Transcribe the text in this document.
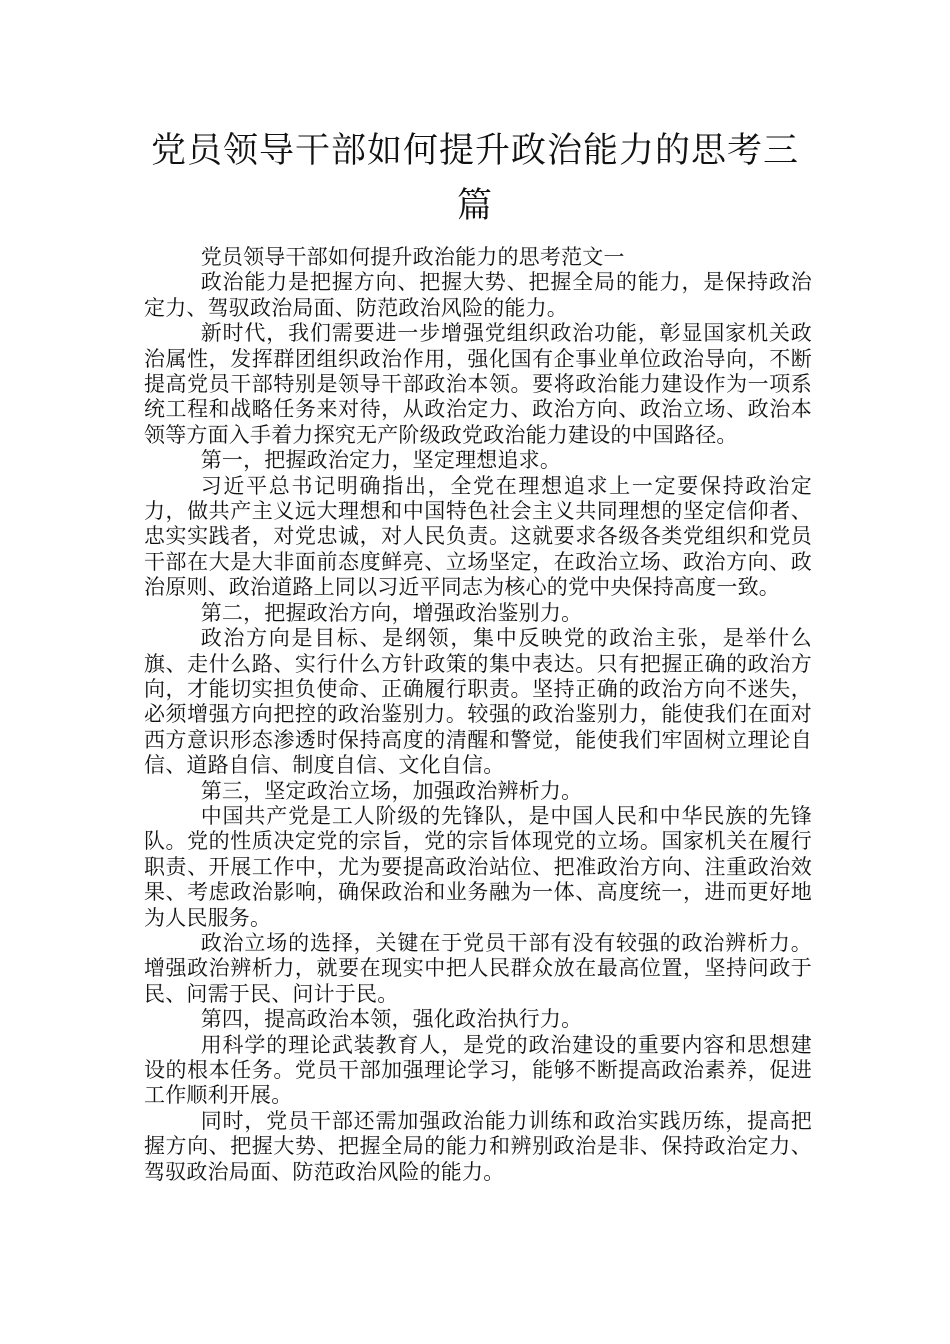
党员领导干部如何提升政治能力的思考三篇

党员领导干部如何提升政治能力的思考范文一

政治能力是把握方向、把握大势、把握全局的能力，是保持政治定力、驾驭政治局面、防范政治风险的能力。

新时代，我们需要进一步增强党组织政治功能，彰显国家机关政治属性，发挥群团组织政治作用，强化国有企事业单位政治导向，不断提高党员干部特别是领导干部政治本领。要将政治能力建设作为一项系统工程和战略任务来对待，从政治定力、政治方向、政治立场、政治本领等方面入手着力探究无产阶级政党政治能力建设的中国路径。

第一，把握政治定力，坚定理想追求。

习近平总书记明确指出，全党在理想追求上一定要保持政治定力，做共产主义远大理想和中国特色社会主义共同理想的坚定信仰者、忠实实践者，对党忠诚，对人民负责。这就要求各级各类党组织和党员干部在大是大非面前态度鲜亮、立场坚定，在政治立场、政治方向、政治原则、政治道路上同以习近平同志为核心的党中央保持高度一致。

第二，把握政治方向，增强政治鉴别力。

政治方向是目标、是纲领，集中反映党的政治主张，是举什么旗、走什么路、实行什么方针政策的集中表达。只有把握正确的政治方向，才能切实担负使命、正确履行职责。坚持正确的政治方向不迷失，必须增强方向把控的政治鉴别力。较强的政治鉴别力，能使我们在面对西方意识形态渗透时保持高度的清醒和警觉，能使我们牢固树立理论自信、道路自信、制度自信、文化自信。

第三，坚定政治立场，加强政治辨析力。

中国共产党是工人阶级的先锋队，是中国人民和中华民族的先锋队。党的性质决定党的宗旨，党的宗旨体现党的立场。国家机关在履行职责、开展工作中，尤为要提高政治站位、把准政治方向、注重政治效果、考虑政治影响，确保政治和业务融为一体、高度统一，进而更好地为人民服务。

政治立场的选择，关键在于党员干部有没有较强的政治辨析力。增强政治辨析力，就要在现实中把人民群众放在最高位置，坚持问政于民、问需于民、问计于民。

第四，提高政治本领，强化政治执行力。

用科学的理论武装教育人，是党的政治建设的重要内容和思想建设的根本任务。党员干部加强理论学习，能够不断提高政治素养，促进工作顺利开展。

同时，党员干部还需加强政治能力训练和政治实践历练，提高把握方向、把握大势、把握全局的能力和辨别政治是非、保持政治定力、驾驭政治局面、防范政治风险的能力。
